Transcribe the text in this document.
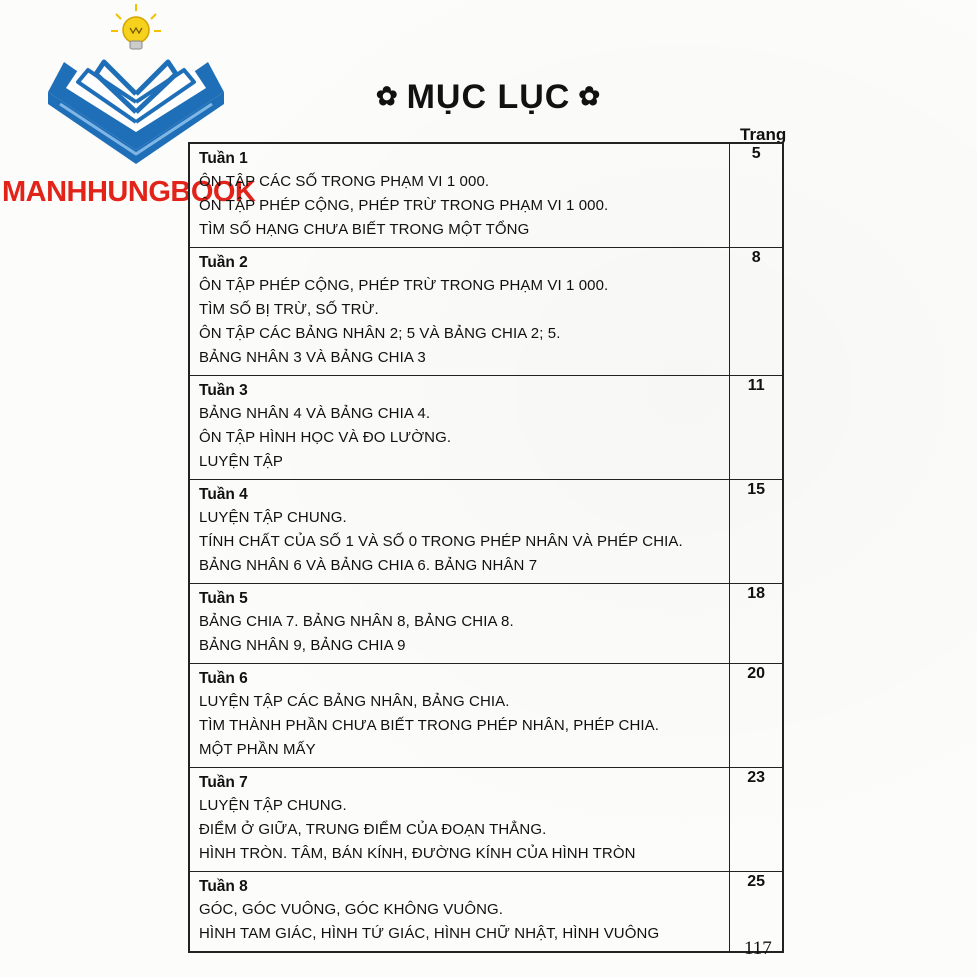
MANHHUNGBOOK
✿ MỤC LỤC ✿
Trang
Tuần 1
ÔN TẬP CÁC SỐ TRONG PHẠM VI 1 000.
ÔN TẬP PHÉP CỘNG, PHÉP TRỪ TRONG PHẠM VI 1 000.
TÌM SỐ HẠNG CHƯA BIẾT TRONG MỘT TỔNG	5

Tuần 2
ÔN TẬP PHÉP CỘNG, PHÉP TRỪ TRONG PHẠM VI 1 000.
TÌM SỐ BỊ TRỪ, SỐ TRỪ.
ÔN TẬP CÁC BẢNG NHÂN 2; 5 VÀ BẢNG CHIA 2; 5.
BẢNG NHÂN 3 VÀ BẢNG CHIA 3	8

Tuần 3
BẢNG NHÂN 4 VÀ BẢNG CHIA 4.
ÔN TẬP HÌNH HỌC VÀ ĐO LƯỜNG.
LUYỆN TẬP	11

Tuần 4
LUYỆN TẬP CHUNG.
TÍNH CHẤT CỦA SỐ 1 VÀ SỐ 0 TRONG PHÉP NHÂN VÀ PHÉP CHIA.
BẢNG NHÂN 6 VÀ BẢNG CHIA 6. BẢNG NHÂN 7	15

Tuần 5
BẢNG CHIA 7. BẢNG NHÂN 8, BẢNG CHIA 8.
BẢNG NHÂN 9, BẢNG CHIA 9	18

Tuần 6
LUYỆN TẬP CÁC BẢNG NHÂN, BẢNG CHIA.
TÌM THÀNH PHẦN CHƯA BIẾT TRONG PHÉP NHÂN, PHÉP CHIA.
MỘT PHẦN MẤY	20

Tuần 7
LUYỆN TẬP CHUNG.
ĐIỂM Ở GIỮA, TRUNG ĐIỂM CỦA ĐOẠN THẲNG.
HÌNH TRÒN. TÂM, BÁN KÍNH, ĐƯỜNG KÍNH CỦA HÌNH TRÒN	23

Tuần 8
GÓC, GÓC VUÔNG, GÓC KHÔNG VUÔNG.
HÌNH TAM GIÁC, HÌNH TỨ GIÁC, HÌNH CHỮ NHẬT, HÌNH VUÔNG	25
117
